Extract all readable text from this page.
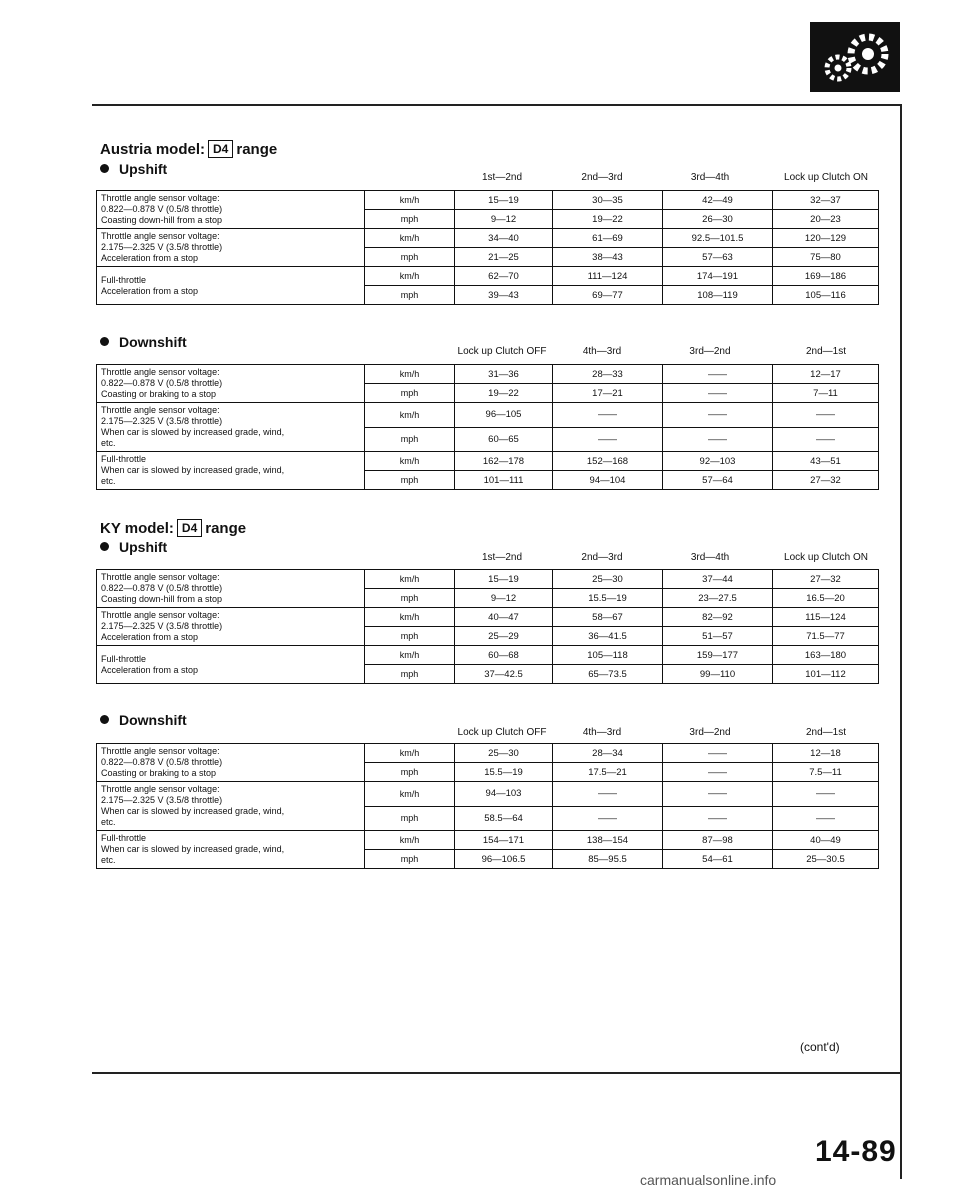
Austria model: D4 range
Upshift
1st—2nd	2nd—3rd	3rd—4th	Lock up Clutch ON
Throttle angle sensor voltage:
0.822—0.878 V (0.5/8 throttle)
Coasting down-hill from a stop	km/h	15—19	30—35	42—49	32—37
	mph	9—12	19—22	26—30	20—23

Throttle angle sensor voltage:
2.175—2.325 V (3.5/8 throttle)
Acceleration from a stop	km/h	34—40	61—69	92.5—101.5	120—129
	mph	21—25	38—43	57—63	75—80

Full-throttle
Acceleration from a stop	km/h	62—70	111—124	174—191	169—186
	mph	39—43	69—77	108—119	105—116
Downshift
Lock up Clutch OFF	4th—3rd	3rd—2nd	2nd—1st
Throttle angle sensor voltage:
0.822—0.878 V (0.5/8 throttle)
Coasting or braking to a stop	km/h	31—36	28—33	——	12—17
	mph	19—22	17—21	——	7—11

Throttle angle sensor voltage:
2.175—2.325 V (3.5/8 throttle)
When car is slowed by increased grade, wind,
etc.	km/h	96—105	——	——	——
	mph	60—65	——	——	——

Full-throttle
When car is slowed by increased grade, wind,
etc.	km/h	162—178	152—168	92—103	43—51
	mph	101—111	94—104	57—64	27—32
KY model: D4 range
Upshift
1st—2nd	2nd—3rd	3rd—4th	Lock up Clutch ON
Throttle angle sensor voltage:
0.822—0.878 V (0.5/8 throttle)
Coasting down-hill from a stop	km/h	15—19	25—30	37—44	27—32
	mph	9—12	15.5—19	23—27.5	16.5—20

Throttle angle sensor voltage:
2.175—2.325 V (3.5/8 throttle)
Acceleration from a stop	km/h	40—47	58—67	82—92	115—124
	mph	25—29	36—41.5	51—57	71.5—77

Full-throttle
Acceleration from a stop	km/h	60—68	105—118	159—177	163—180
	mph	37—42.5	65—73.5	99—110	101—112
Downshift
Lock up Clutch OFF	4th—3rd	3rd—2nd	2nd—1st
Throttle angle sensor voltage:
0.822—0.878 V (0.5/8 throttle)
Coasting or braking to a stop	km/h	25—30	28—34	——	12—18
	mph	15.5—19	17.5—21	——	7.5—11

Throttle angle sensor voltage:
2.175—2.325 V (3.5/8 throttle)
When car is slowed by increased grade, wind,
etc.	km/h	94—103	——	——	——
	mph	58.5—64	——	——	——

Full-throttle
When car is slowed by increased grade, wind,
etc.	km/h	154—171	138—154	87—98	40—49
	mph	96—106.5	85—95.5	54—61	25—30.5
(cont'd)
14-89
carmanualsonline.info
